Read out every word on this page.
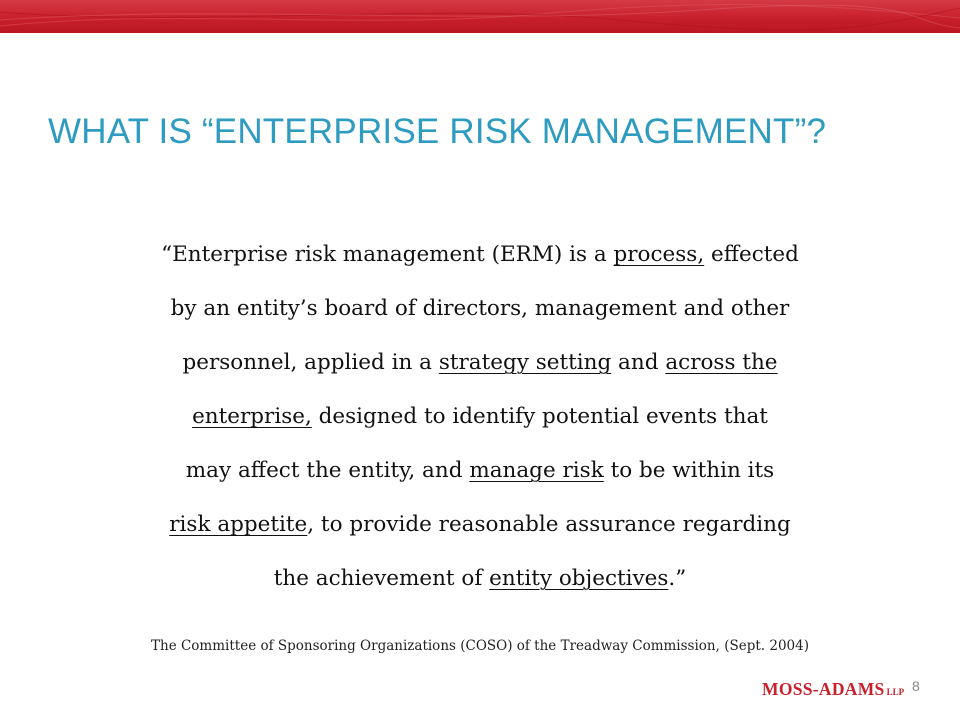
WHAT IS “ENTERPRISE RISK MANAGEMENT”?
“Enterprise risk management (ERM) is a process, effected
by an entity’s board of directors, management and other
personnel, applied in a strategy setting and across the
enterprise, designed to identify potential events that
may affect the entity, and manage risk to be within its
risk appetite, to provide reasonable assurance regarding
the achievement of entity objectives.”
The Committee of Sponsoring Organizations (COSO) of the Treadway Commission, (Sept. 2004)
MOSS-ADAMS LLP 8
